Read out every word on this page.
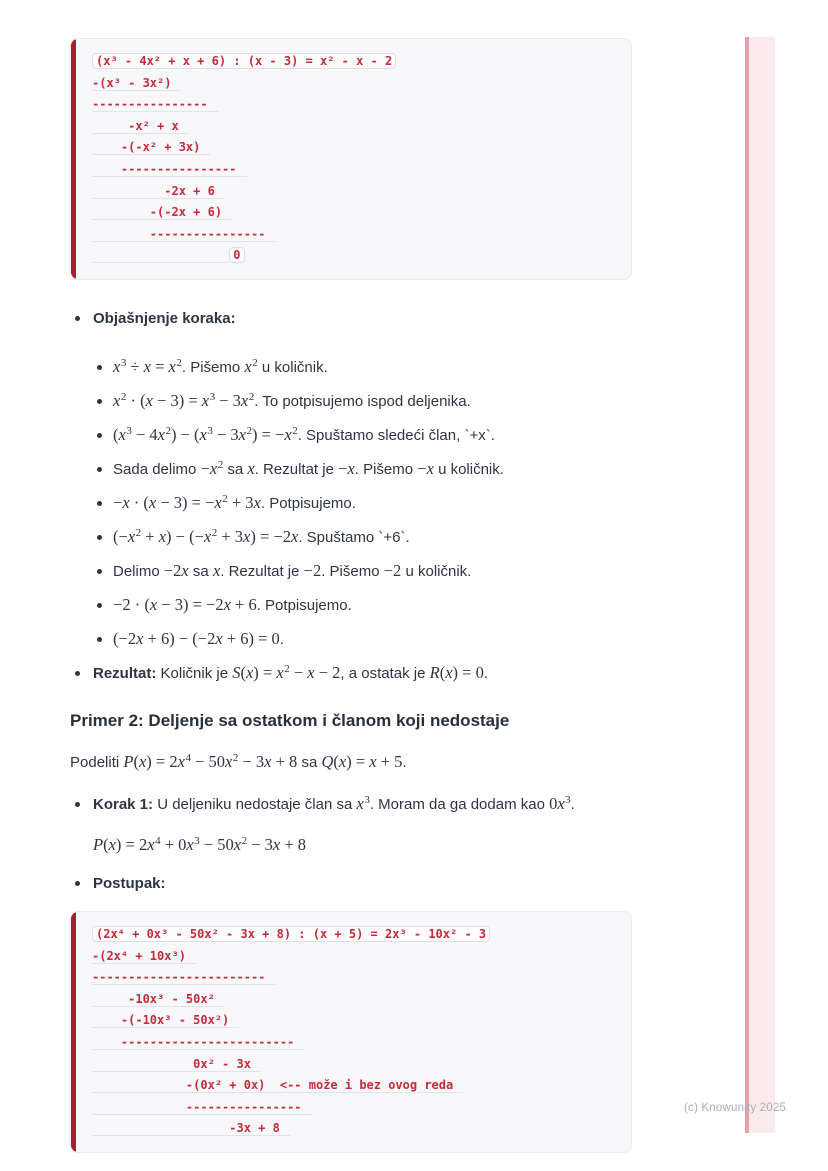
(x³ - 4x² + x + 6) : (x - 3) = x² - x - 2
-(x³ - 3x²)
----------------
-x² + x
-(-x² + 3x)
----------------
-2x + 6
-(-2x + 6)
----------------
0
Objašnjenje koraka:
$x^3 \div x = x^2$. Pišemo $x^2$ u količnik.
$x^2 \cdot (x - 3) = x^3 - 3x^2$. To potpisujemo ispod deljenika.
$(x^3 - 4x^2) - (x^3 - 3x^2) = -x^2$. Spuštamo sledeći član, `+x`.
Sada $delimo -x^2$ sa x. Rezultat je −x. Pišemo −x u količnik.
$-x \cdot (x - 3) = -x^2 + 3x$. Potpisujemo.
$(-x^2 + x) - (-x^2 + 3x) = -2x$. Spuštamo `+6`.
Delimo −2x sa x. Rezultat je −2. Pišemo −2 u količnik.
−2 · (x − 3) = −2x + 6. Potpisujemo.
(−2x + 6) − (−2x + 6) = 0.
Rezultat: Količnik je $S(x) = x^2 - x - 2$, a ostatak je R(x) = 0.
Primer 2: Deljenje sa ostatkom i članom koji nedostaje

Podeliti $P(x) = 2x^4 - 50x^2 - 3x + 8$ sa Q(x) = x + 5.

Korak 1: U deljeniku nedostaje član sa $x^3$. Moram da ga dodam kao $0x^3$.
$P(x) = 2x^4 + 0x^3 - 50x^2 - 3x + 8$
Postupak:
(2x⁴ + 0x³ - 50x² - 3x + 8) : (x + 5) = 2x³ - 10x² - 3
-(2x⁴ + 10x³)
------------------------
-10x³ - 50x²
-(-10x³ - 50x²)
------------------------
0x² - 3x
-(0x² + 0x)  <-- može i bez ovog reda
----------------
-3x + 8
(c) Knowunity 2025
